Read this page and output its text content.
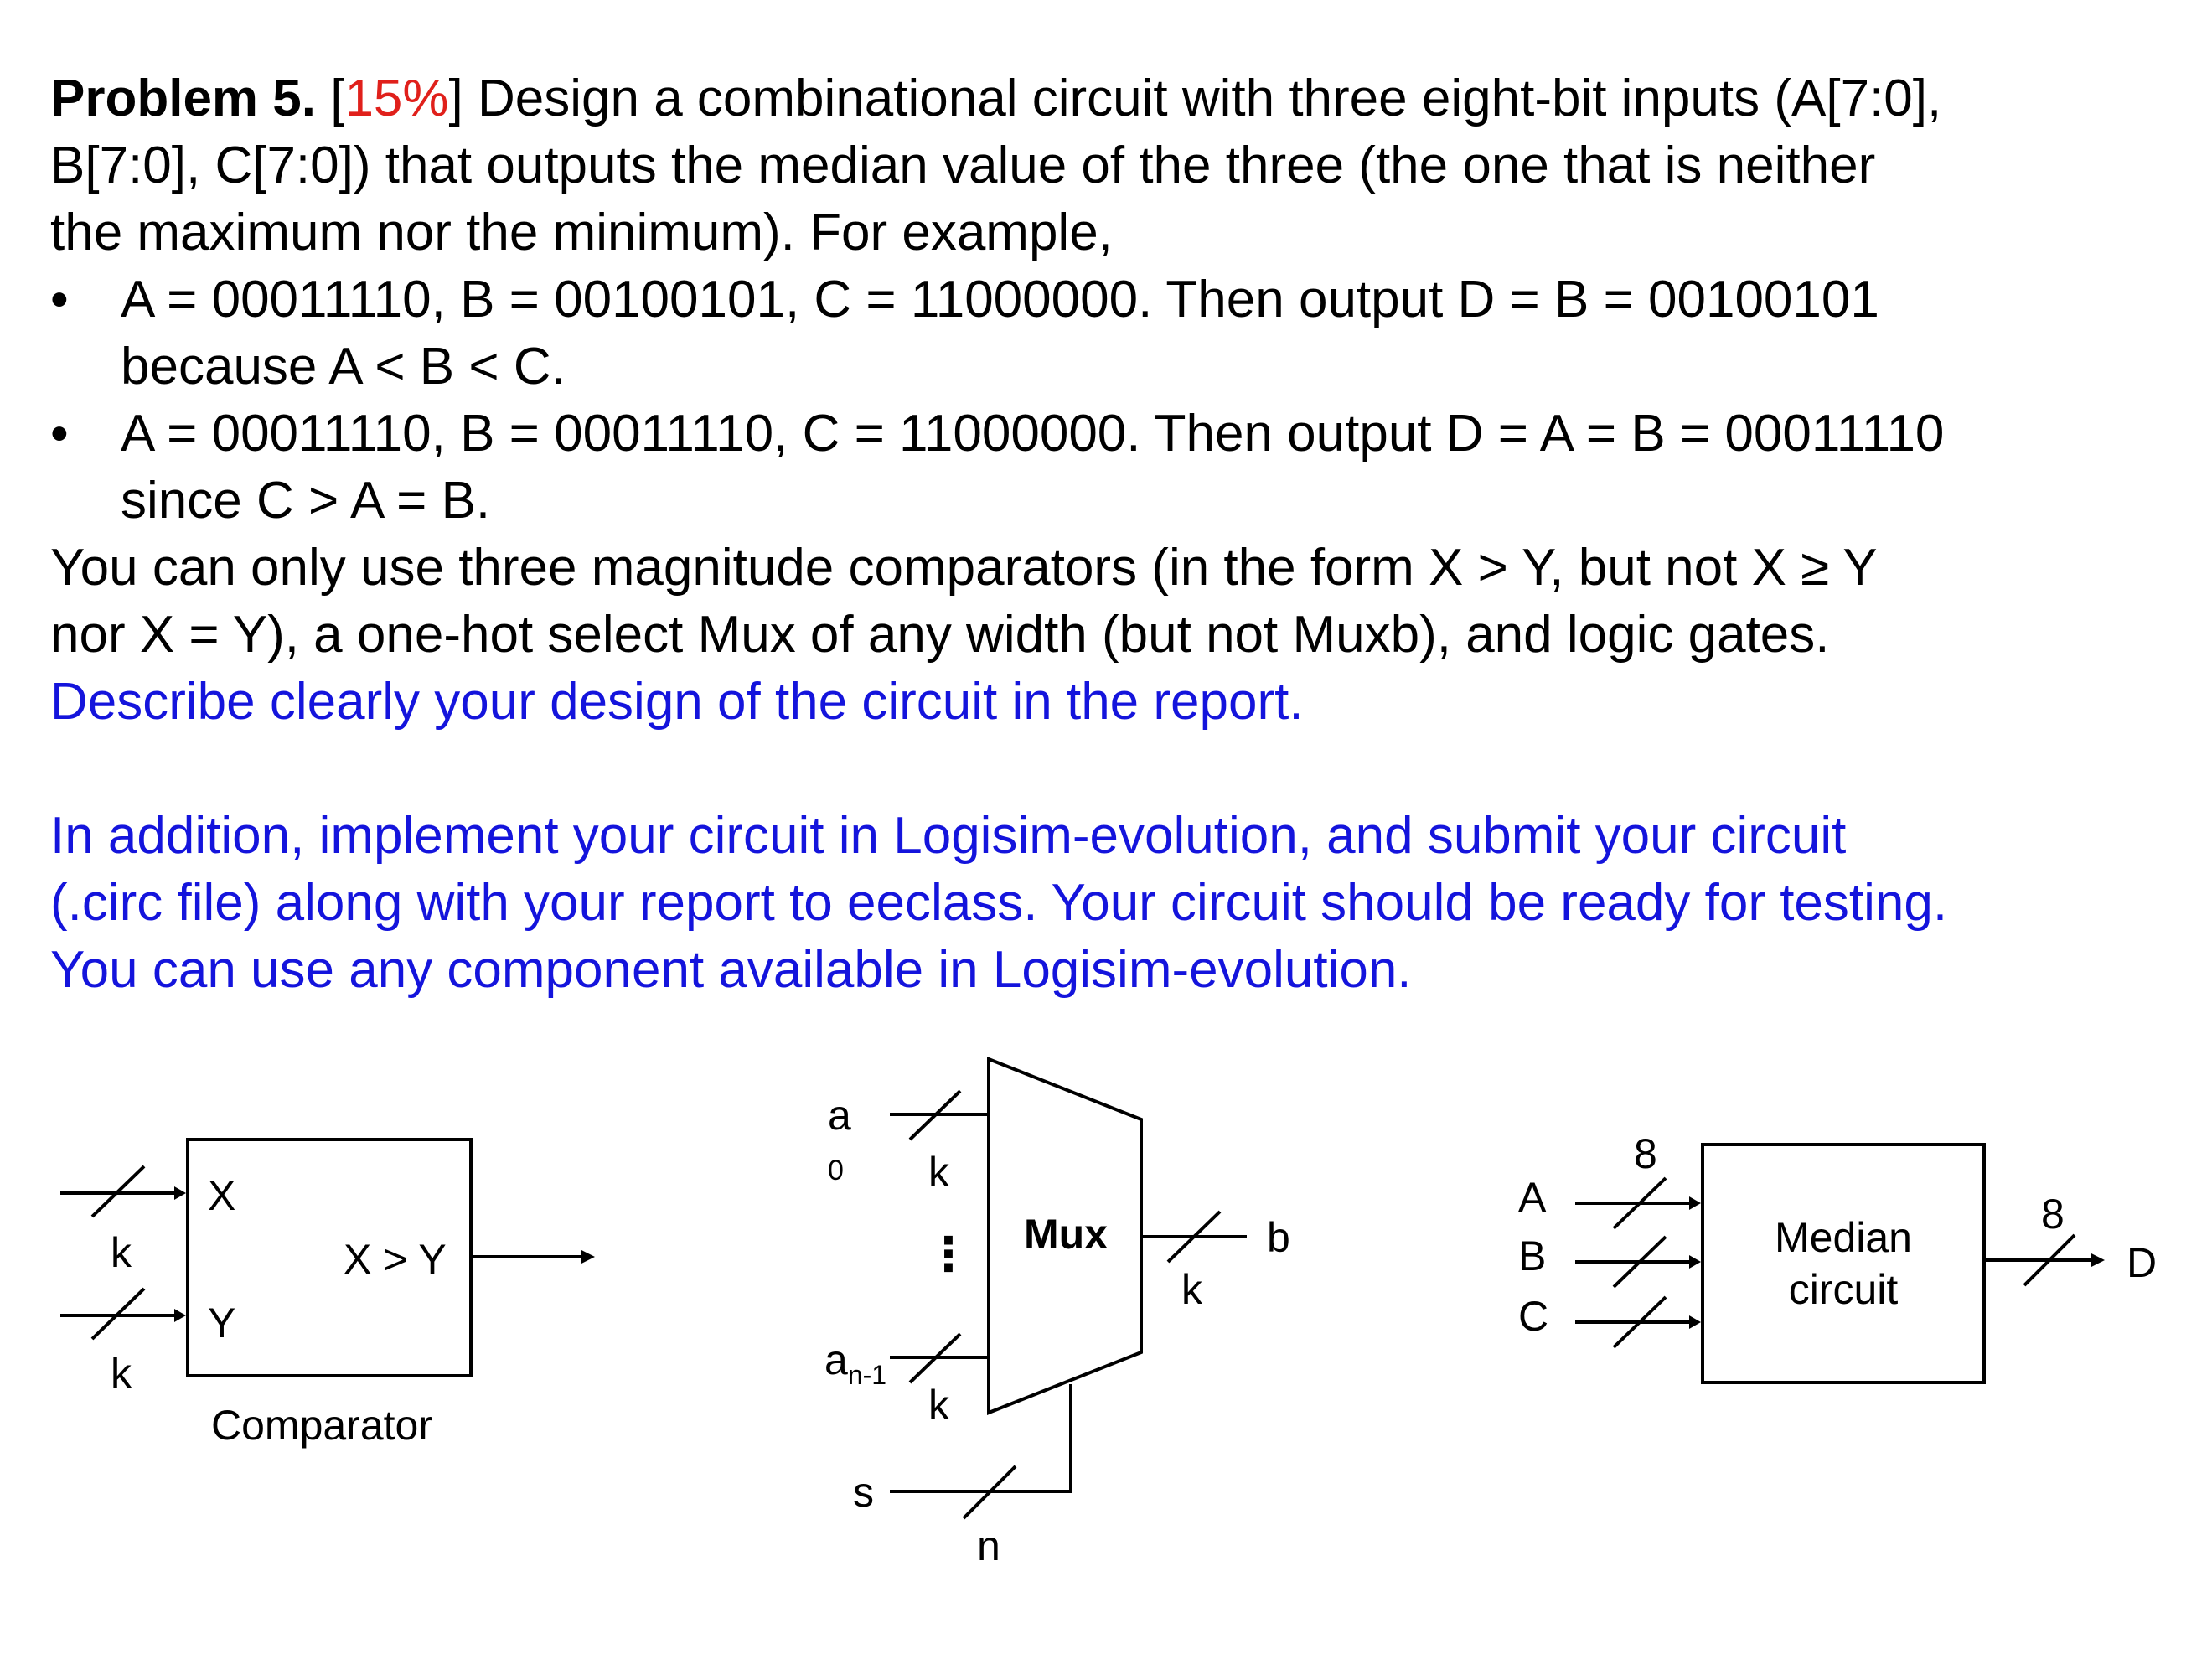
Problem 5. [15%] Design a combinational circuit with three eight-bit inputs (A[7:0],
B[7:0], C[7:0]) that outputs the median value of the three (the one that is neither
the maximum nor the minimum). For example,
• A = 00011110, B = 00100101, C = 11000000. Then output D = B = 00100101
because A < B < C.
• A = 00011110, B = 00011110, C = 11000000. Then output D = A = B = 00011110
since C > A = B.
You can only use three magnitude comparators (in the form X > Y, but not X ≥ Y
nor X = Y), a one-hot select Mux of any width (but not Muxb), and logic gates.
Describe clearly your design of the circuit in the report.
In addition, implement your circuit in Logisim-evolution, and submit your circuit
(.circ file) along with your report to eeclass. Your circuit should be ready for testing.
You can use any component available in Logisim-evolution.
X
Y
k
k
X > Y
Comparator
Mux
a
0 k
⋮
$a_{n-1}$
k
b
k
s
n
Median
circuit
A
B
C
8
8
D
